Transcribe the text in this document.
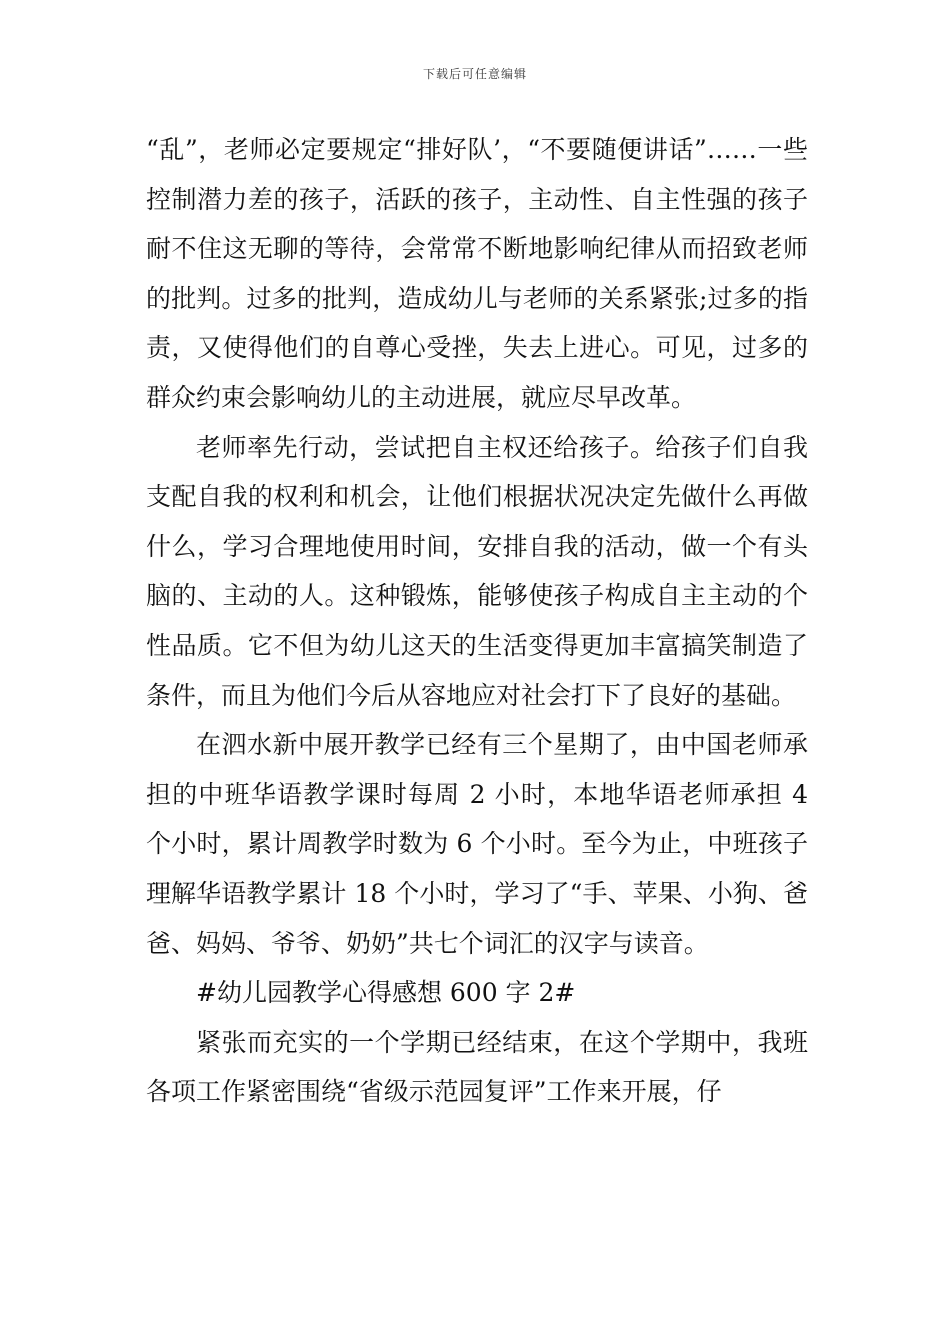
下载后可任意编辑

“乱”，老师必定要规定“排好队’，“不要随便讲话”……一些控制潜力差的孩子，活跃的孩子，主动性、自主性强的孩子耐不住这无聊的等待，会常常不断地影响纪律从而招致老师的批判。过多的批判，造成幼儿与老师的关系紧张;过多的指责，又使得他们的自尊心受挫，失去上进心。可见，过多的群众约束会影响幼儿的主动进展，就应尽早改革。

老师率先行动，尝试把自主权还给孩子。给孩子们自我支配自我的权利和机会，让他们根据状况决定先做什么再做什么，学习合理地使用时间，安排自我的活动，做一个有头脑的、主动的人。这种锻炼，能够使孩子构成自主主动的个性品质。它不但为幼儿这天的生活变得更加丰富搞笑制造了条件，而且为他们今后从容地应对社会打下了良好的基础。

在泗水新中展开教学已经有三个星期了，由中国老师承担的中班华语教学课时每周 2 小时，本地华语老师承担 4 个小时，累计周教学时数为 6 个小时。至今为止，中班孩子理解华语教学累计 18 个小时，学习了“手、苹果、小狗、爸爸、妈妈、爷爷、奶奶”共七个词汇的汉字与读音。

#幼儿园教学心得感想 600 字 2#

紧张而充实的一个学期已经结束，在这个学期中，我班各项工作紧密围绕“省级示范园复评”工作来开展，仔
